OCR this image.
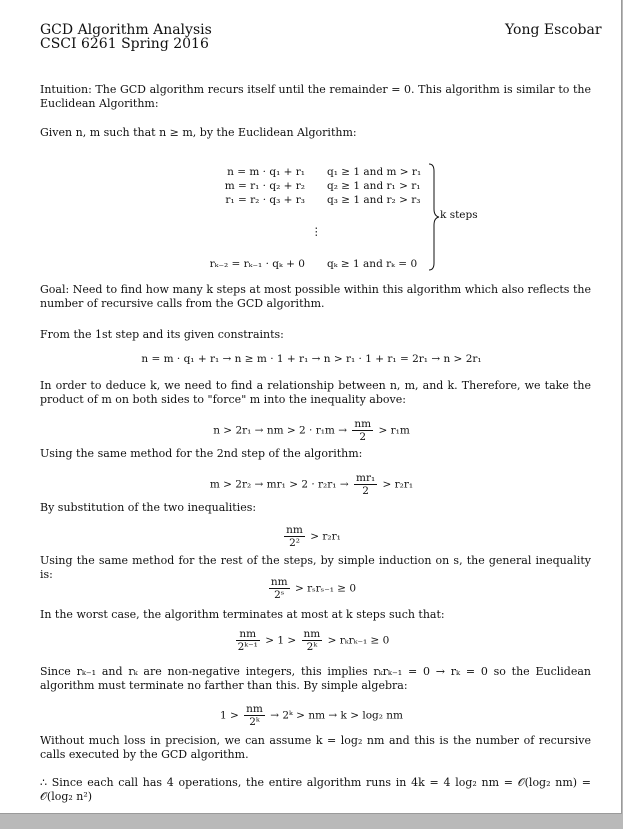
GCD Algorithm Analysis
CSCI 6261 Spring 2016
Yong Escobar
Intuition: The GCD algorithm recurs itself until the remainder = 0. This algorithm is similar to the Euclidean Algorithm:
Given n, m such that n ≥ m, by the Euclidean Algorithm:
n = m · q₁ + r₁ q₁ ≥ 1 and m > r₁
m = r₁ · q₂ + r₂ q₂ ≥ 1 and r₁ > r₁
r₁ = r₂ · q₃ + r₃ q₃ ≥ 1 and r₂ > r₃
⋮
rₖ₋₂ = rₖ₋₁ · qₖ + 0 qₖ ≥ 1 and rₖ = 0
k steps
Goal: Need to find how many k steps at most possible within this algorithm which also reflects the number of recursive calls from the GCD algorithm.
From the 1st step and its given constraints:
n = m · q₁ + r₁ → n ≥ m · 1 + r₁ → n > r₁ · 1 + r₁ = 2r₁ → n > 2r₁
In order to deduce k, we need to find a relationship between n, m, and k. Therefore, we take the product of m on both sides to "force" m into the inequality above:
n > 2r₁ → nm > $2 \cdot r_1m \to \frac{nm}{2} > r_1m$
Using the same method for the 2nd step of the algorithm:
$m > 2r_2 \to mr_1 > 2 \cdot r_2r_1 \to \frac{\text{mr₁}}{2} > r_2r_1$
By substitution of the two inequalities:
$\frac{nm}{\text{2²}} > r_2r_1$
Using the same method for the rest of the steps, by simple induction on s, the general inequality is:
$\frac{nm}{\text{2ˢ}} > r_sr_{s-1} \ge 0$
In the worst case, the algorithm terminates at most at k steps such that:
$\frac{nm}{\text{2ᵏ⁻¹}} > 1 > \frac{nm}{\text{2ᵏ}} > r_kr_{k-1} \ge 0$
Since rₖ₋₁ and rₖ are non-negative integers, this implies rₖrₖ₋₁ = 0 → rₖ = 0 so the Euclidean algorithm must terminate no farther than this. By simple algebra:
$1 > \frac{nm}{\text{2ᵏ}}$ → 2ᵏ > nm → k > log₂ nm
Without much loss in precision, we can assume k = log₂ nm and this is the number of recursive calls executed by the GCD algorithm.
∴ Since each call has 4 operations, the entire algorithm runs in 4k = 4 log₂ nm = 𝒪(log₂ nm) = 𝒪(log₂ n²)
